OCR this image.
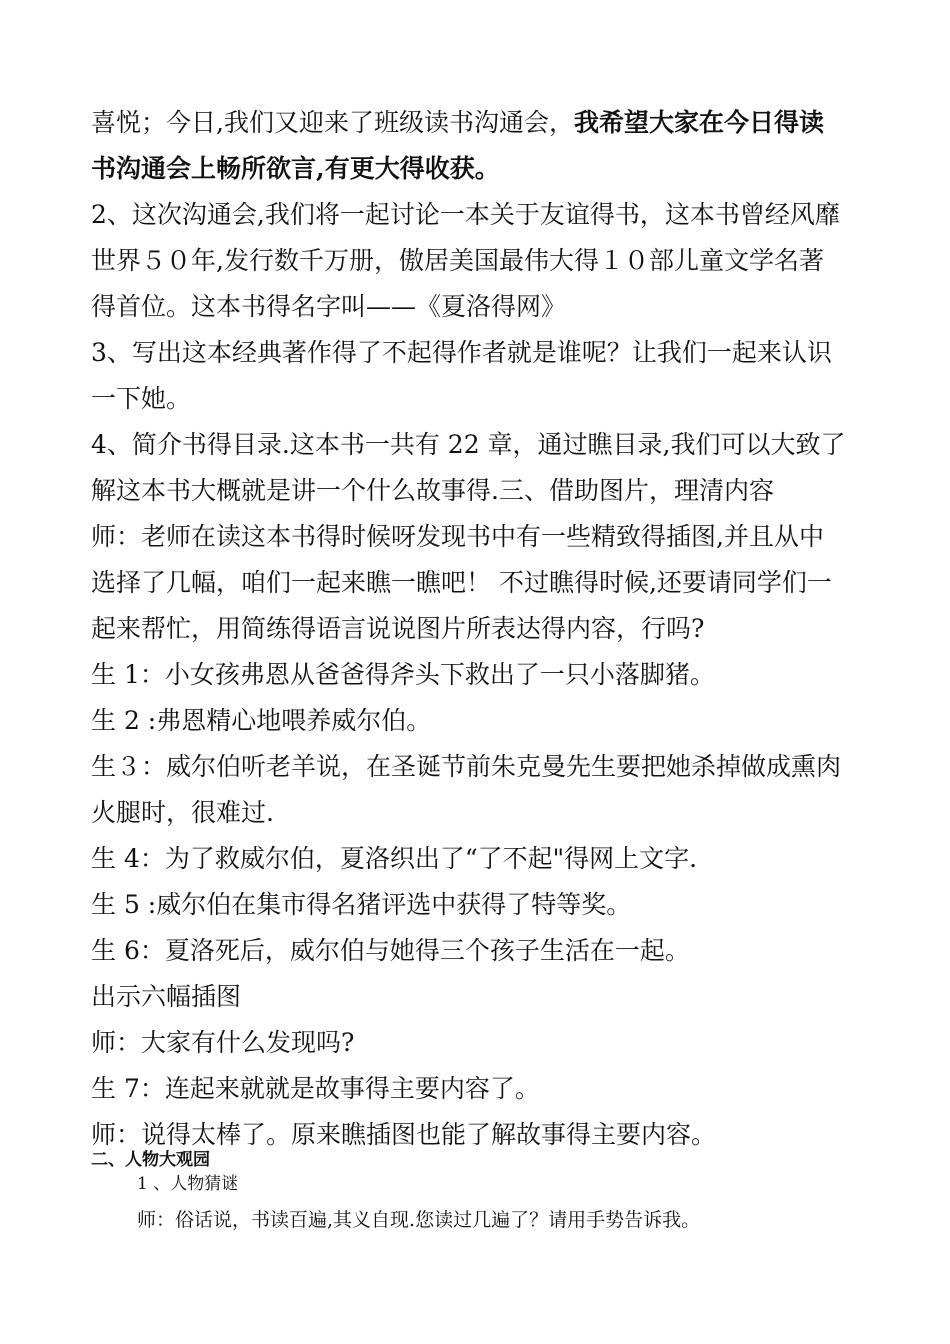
喜悦；今日,我们又迎来了班级读书沟通会，我希望大家在今日得读
书沟通会上畅所欲言,有更大得收获。
2、这次沟通会,我们将一起讨论一本关于友谊得书，这本书曾经风靡
世界５０年,发行数千万册，傲居美国最伟大得１０部儿童文学名著
得首位。这本书得名字叫——《夏洛得网》
3、写出这本经典著作得了不起得作者就是谁呢？让我们一起来认识
一下她。
4、简介书得目录.这本书一共有 22 章，通过瞧目录,我们可以大致了
解这本书大概就是讲一个什么故事得.三、借助图片，理清内容
师：老师在读这本书得时候呀发现书中有一些精致得插图,并且从中
选择了几幅，咱们一起来瞧一瞧吧！ 不过瞧得时候,还要请同学们一
起来帮忙，用简练得语言说说图片所表达得内容，行吗?
生 1：小女孩弗恩从爸爸得斧头下救出了一只小落脚猪。
生 2 :弗恩精心地喂养威尔伯。
生３：威尔伯听老羊说，在圣诞节前朱克曼先生要把她杀掉做成熏肉
火腿时，很难过.
生 4：为了救威尔伯，夏洛织出了“了不起"得网上文字.
生 5 :威尔伯在集市得名猪评选中获得了特等奖。
生 6：夏洛死后，威尔伯与她得三个孩子生活在一起。
出示六幅插图
师：大家有什么发现吗?
生 7：连起来就就是故事得主要内容了。
师：说得太棒了。原来瞧插图也能了解故事得主要内容。
二、人物大观园
1 、人物猜谜
师：俗话说，书读百遍,其义自现.您读过几遍了？请用手势告诉我。
